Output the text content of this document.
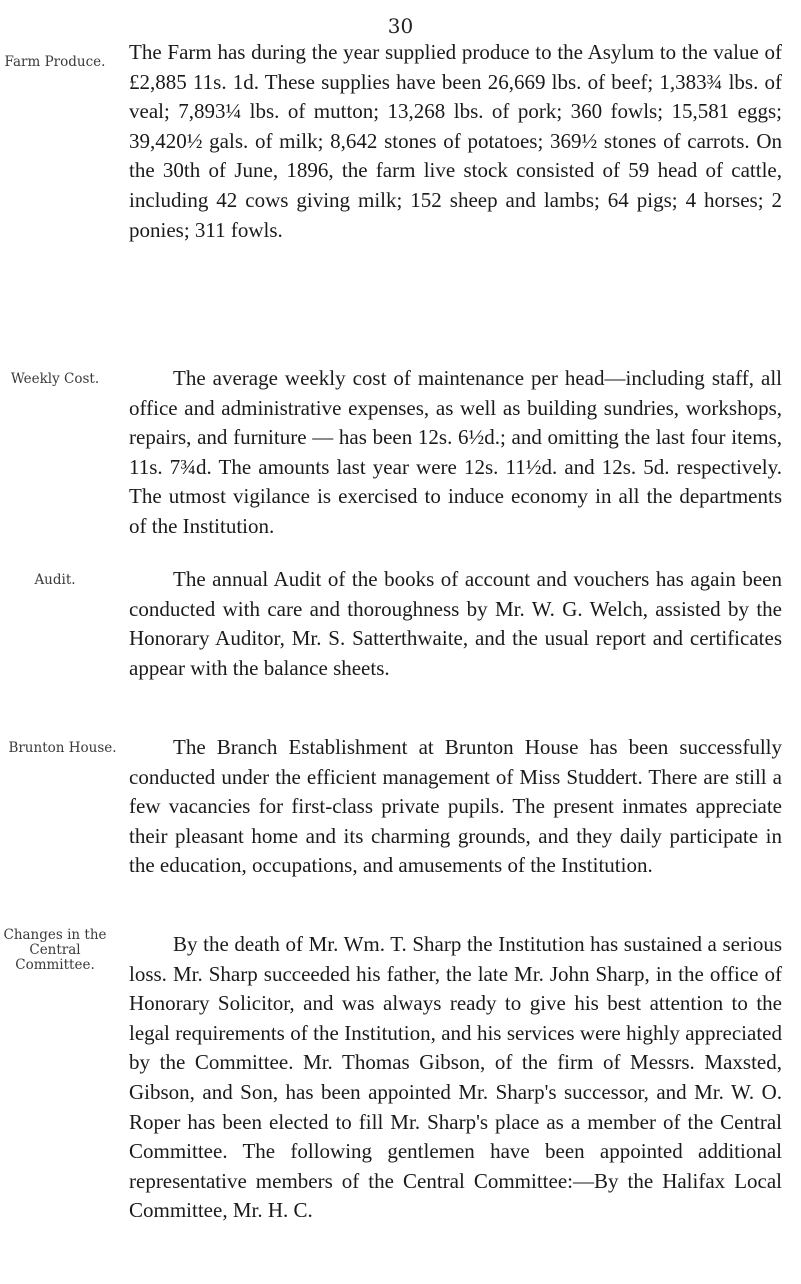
30
Farm Produce. The Farm has during the year supplied produce to the Asylum to the value of £2,885 11s. 1d. These supplies have been 26,669 lbs. of beef; 1,383¾ lbs. of veal; 7,893¼ lbs. of mutton; 13,268 lbs. of pork; 360 fowls; 15,581 eggs; 39,420½ gals. of milk; 8,642 stones of potatoes; 369½ stones of carrots. On the 30th of June, 1896, the farm live stock consisted of 59 head of cattle, including 42 cows giving milk; 152 sheep and lambs; 64 pigs; 4 horses; 2 ponies; 311 fowls.

Weekly Cost.	The average weekly cost of maintenance per head—including staff, all office and administrative expenses, as well as building sundries, workshops, repairs, and furniture — has been 12s. 6½d.; and omitting the last four items, 11s. 7¾d. The amounts last year were 12s. 11½d. and 12s. 5d. respectively. The utmost vigilance is exercised to induce economy in all the departments of the Institution.

Audit.	The annual Audit of the books of account and vouchers has again been conducted with care and thoroughness by Mr. W. G. Welch, assisted by the Honorary Auditor, Mr. S. Satterthwaite, and the usual report and certificates appear with the balance sheets.

Brunton House.	The Branch Establishment at Brunton House has been successfully conducted under the efficient management of Miss Studdert. There are still a few vacancies for first-class private pupils. The present inmates appreciate their pleasant home and its charming grounds, and they daily participate in the education, occupations, and amusements of the Institution.

Changes in the Central Committee.

By the death of Mr. Wm. T. Sharp the Institution has sustained a serious loss. Mr. Sharp succeeded his father, the late Mr. John Sharp, in the office of Honorary Solicitor, and was always ready to give his best attention to the legal requirements of the Institution, and his services were highly appreciated by the Committee. Mr. Thomas Gibson, of the firm of Messrs. Maxsted, Gibson, and Son, has been appointed Mr. Sharp's successor, and Mr. W. O. Roper has been elected to fill Mr. Sharp's place as a member of the Central Committee. The following gentlemen have been appointed additional representative members of the Central Committee:—By the Halifax Local Committee, Mr. H. C.
